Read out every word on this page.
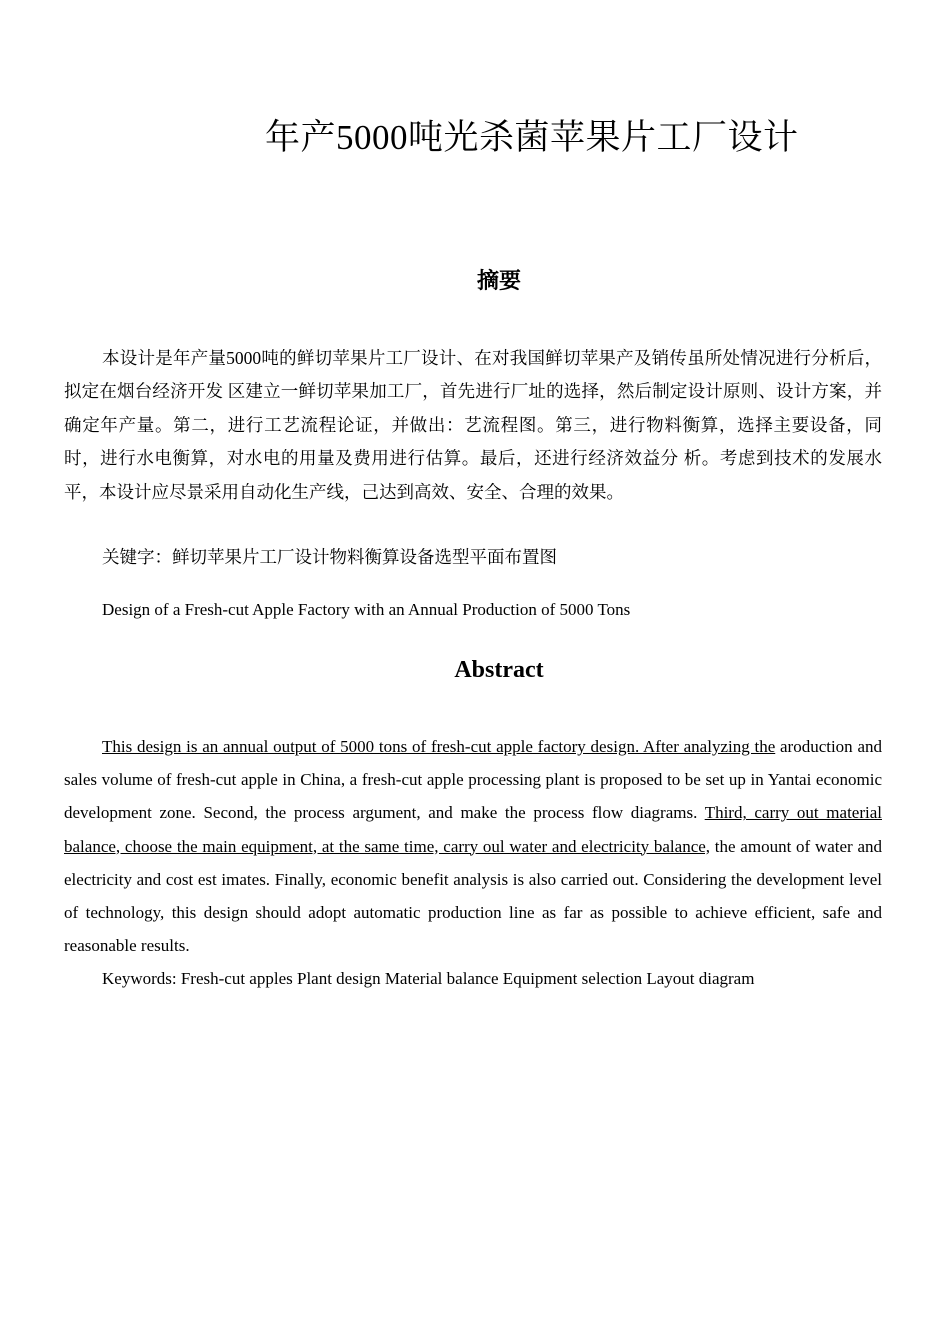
年产5000吨光杀菌苹果片工厂设计
摘要
本设计是年产量5000吨的鲜切苹果片工厂设计、在对我国鲜切苹果产及销传虽所处情况进行分析后，拟定在烟台经济开发 区建立一鲜切苹果加工厂，首先进行厂址的选择，然后制定设计原则、设计方案，并确定年产量。第二，进行工艺流程论证，并做出：艺流程图。第三，进行物料衡算，选择主要设备，同时，进行水电衡算，对水电的用量及费用进行估算。最后，还进行经济效益分 析。考虑到技术的发展水平，本设计应尽景采用自动化生产线，己达到高效、安全、合理的效果。
关键字：鲜切苹果片工厂设计物料衡算设备选型平面布置图
Design of a Fresh-cut Apple Factory with an Annual Production of 5000 Tons
Abstract
This design is an annual output of 5000 tons of fresh-cut apple factory design. After analyzing the aroduction and sales volume of fresh-cut apple in China, a fresh-cut apple processing plant is proposed to be set up in Yantai economic development zone. Second, the process argument, and make the process flow diagrams. Third, carry out material balance, choose the main equipment, at the same time, carry oul water and electricity balance, the amount of water and electricity and cost est imates. Finally, economic benefit analysis is also carried out. Considering the development level of technology, this design should adopt automatic production line as far as possible to achieve efficient, safe and reasonable results.
Keywords: Fresh-cut apples Plant design Material balance Equipment selection Layout diagram
